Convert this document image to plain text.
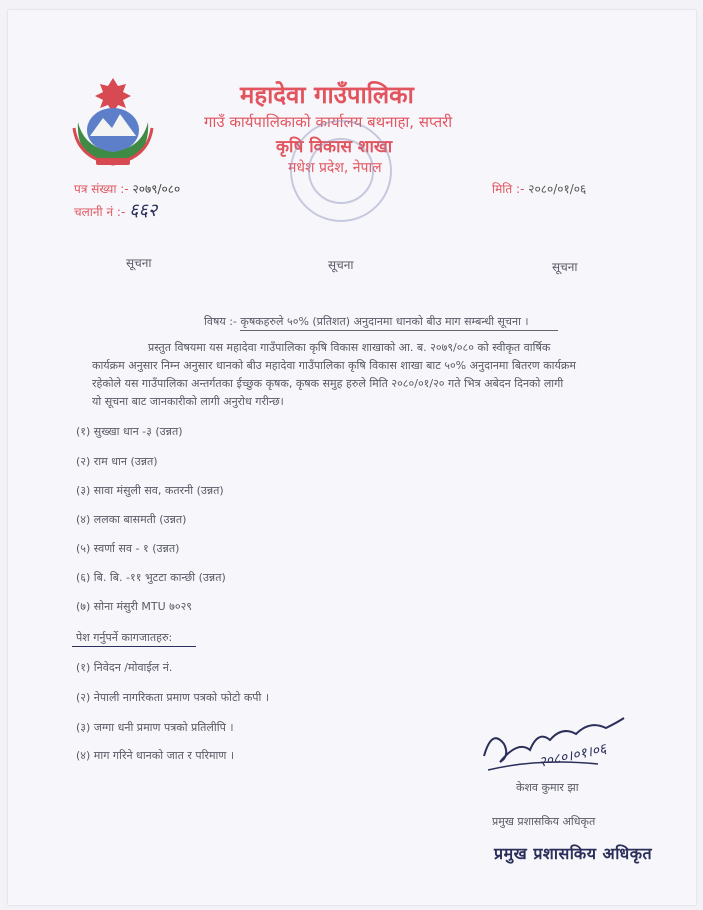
महादेवा गाउँपालिका
गाउँ कार्यपालिकाको कार्यालय बथनाहा, सप्तरी
कृषि विकास शाखा
मधेश प्रदेश, नेपाल
पत्र संख्या :- २०७९/०८०
चलानी नं :- ६६२
मिति :- २०८०/०१/०६
सूचना	सूचना	सूचना
विषय :- कृषकहरुले ५०% (प्रतिशत) अनुदानमा धानको बीउ माग सम्बन्धी सूचना ।
प्रस्तुत विषयमा यस महादेवा गाउँपालिका कृषि विकास शाखाको आ. ब. २०७९/०८० को स्वीकृत वार्षिक
कार्यक्रम अनुसार निम्न अनुसार धानको बीउ महादेवा गाउँपालिका कृषि विकास शाखा बाट ५०% अनुदानमा बितरण कार्यक्रम
रहेकोले यस गाउँपालिका अन्तर्गतका ईच्छुक कृषक, कृषक समुह हरुले मिति २०८०/०१/२० गते भित्र अबेदन दिनको लागी
यो सूचना बाट जानकारीको लागी अनुरोध गरीन्छ।
(१) सुख्खा धान -३ (उन्नत)
(२) राम धान (उन्नत)
(३) सावा मंसुली सव, कतरनी (उन्नत)
(४) ललका बासमती (उन्नत)
(५) स्वर्णा सव - १ (उन्नत)
(६) बि. बि. -११ भुटटा कान्छी (उन्नत)
(७) सोना मंसुरी MTU ७०२९
पेश गर्नुपर्ने कागजातहरु:
(१) निवेदन /मोवाईल नं.
(२) नेपाली नागरिकता प्रमाण पत्रको फोटो कपी ।
(३) जग्गा धनी प्रमाण पत्रको प्रतिलीपि ।
(४) माग गरिने धानको जात र परिमाण ।	२०८०।०१।०६
केशव कुमार झा
प्रमुख प्रशासकिय अधिकृत
प्रमुख प्रशासकिय अधिकृत
